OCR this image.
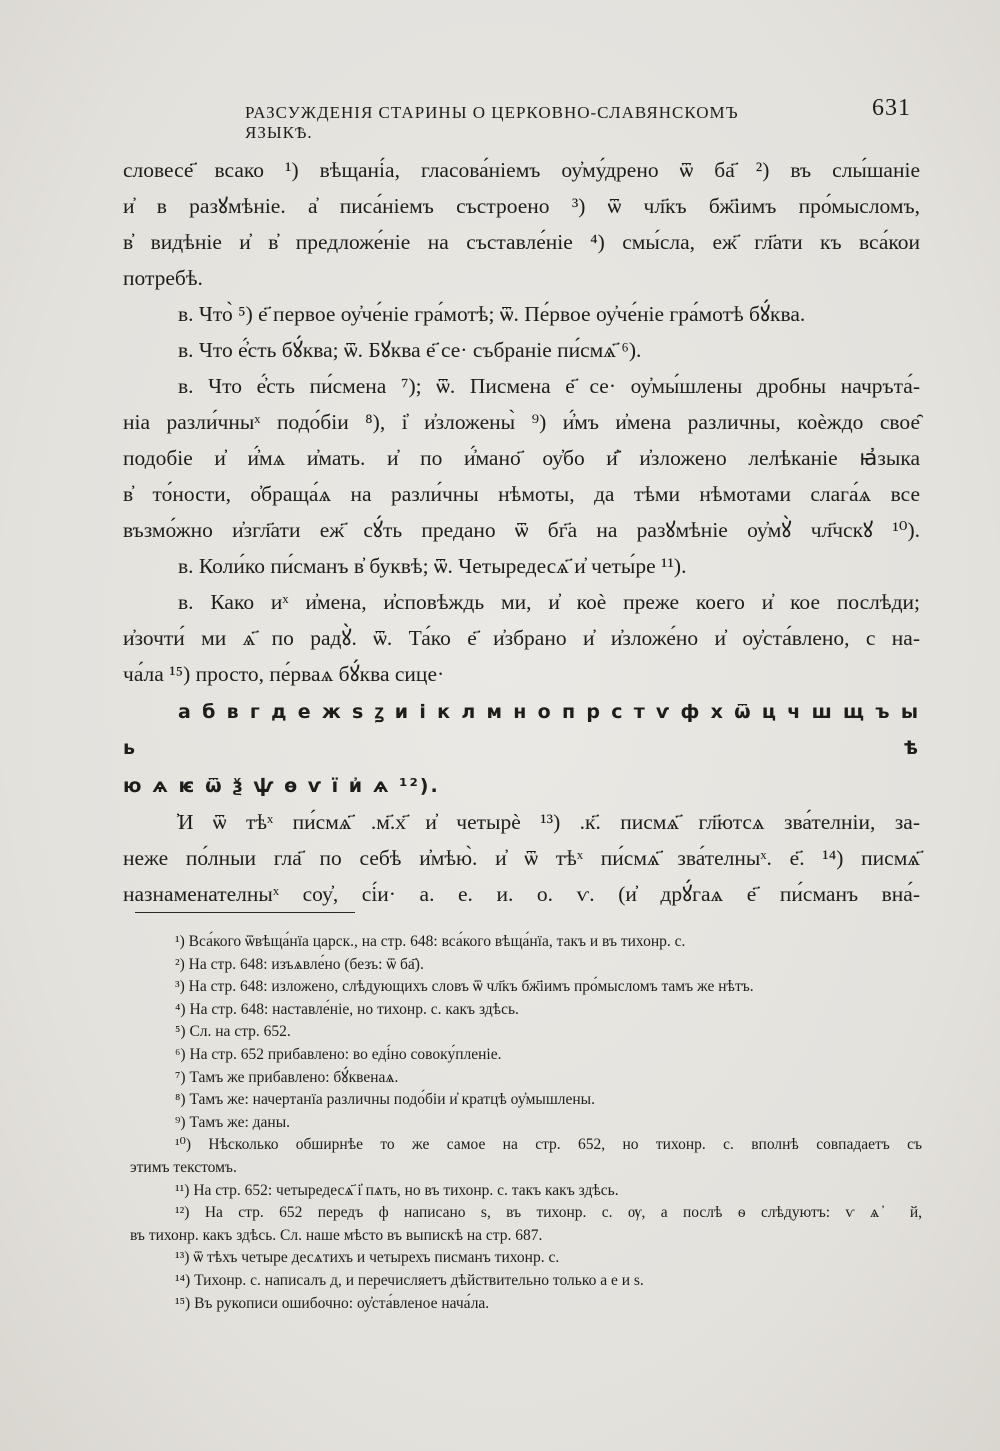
РАЗСУЖДЕНІЯ СТАРИНЫ О ЦЕРКОВНО-СЛАВЯНСКОМЪ ЯЗЫКѢ.
631

словесе҃ всако ¹) вѣщані́а, гласова́ніемъ оу҆му́дрено ѿ ба҃ ²) въ слы́шаніе

и҆ в разꙋмѣніе. а҆ писа́ніемъ състроено ³) ѿ чл҃къ бж҃іимъ про́мысломъ,

в҆ видѣніе и҆ в҆ предложе́ніе на съставле́ніе ⁴) смы́сла, еж҃ гл҃ати къ вса́кои

потребѣ.

в. Что̀ ⁵) е҃ первое оу҆че́ніе гра́мотѣ; ѿ. Пе́рвое оу҆че́ніе гра́мотѣ бꙋ́ква.

в. Что е҆́сть бꙋ́ква; ѿ. Бꙋква е҃ се· събраніе пи́смѧ҃ ⁶).

в. Что е҆́сть пи́смена ⁷); ѿ. Писмена е҃ се· оу҆мы́шлены дробны начръта́-

ніа разли́чныˣ подо́біи ⁸), і҆ и҆зложены̀ ⁹) и҆́мъ и҆мена различны, коѐждо свое̑

подобіе и҆ и҆́мѧ и҆мать. и҆ по и҆́мано҃ оу҆бо и҆҃ и҆зложено лелѣканіе ꙗ҆зыка

в҆ то́ности, о҆браща́ѧ на разли́чны нѣмоты, да тѣми нѣмотами слага́ѧ все

възмо́жно и҆згл҃ати еж҃ сꙋ́ть предано ѿ бг҃а на разꙋмѣніе оу҆мꙋ̀ чл҃чскꙋ ¹⁰).

в. Коли́ко пи́сманъ в҆ буквѣ; ѿ. Четыредесѧ҃ и҆ четы́ре ¹¹).

в. Како иˣ и҆мена, и҆сповѣждь ми, и҆ коѐ преже коего и҆ кое послѣди;

и҆зочти́ ми ѧ҃ по радꙋ̀. ѿ. Та́ко е҃ и҆збрано и҆ и҆зложе́но и҆ оу҆ста́влено, с на-

ча́ла ¹⁵) просто, пе́рваѧ бꙋ́ква сице·

а б в г д е ж ѕ ꙁ и і к л м н о п р с т ѵ ф х ѿ ц ч ш щ ъ ы ь ѣ

ю ѧ ѥ ѿ ѯ ѱ ѳ ѵ ї и҆ ѧ ¹²).

҆И ѿ тѣˣ пи́смѧ҃ .м҃.х҃ и҆ четырѐ ¹³) .к҃. писмѧ҃ гл҃ютсѧ зва́телніи, за-

неже по́лныи гла҃ по себѣ и҆мѣю̀. и҆ ѿ тѣˣ пи́смѧ҃ зва́телныˣ. е҃. ¹⁴) писмѧ҃

назнаменателныˣ соу҆, сі́и· а. е. и. о. ѵ. (и҆ дрꙋ́гаѧ е҃ пи́сманъ вна́-

¹) Вса́кого ѿвѣща́нїа царск., на стр. 648: вса́кого вѣща́нїа, такъ и въ тихонр. с.

²) На стр. 648: изъѧвле́но (безъ: ѿ ба҃).

³) На стр. 648: изложено, слѣдующихъ словъ ѿ чл҃къ бж҃іимъ про́мысломъ тамъ же нѣтъ.

⁴) На стр. 648: наставле́ніе, но тихонр. с. какъ здѣсь.

⁵) Сл. на стр. 652.

⁶) На стр. 652 прибавлено: во еді́но совоку́пленіе.

⁷) Тамъ же прибавлено: бꙋ́квенаѧ.

⁸) Тамъ же: начертанїа различны подо́біи и҆ кратцѣ оу҆мышлены.

⁹) Тамъ же: даны.

¹⁰) Нѣсколько обширнѣе то же самое на стр. 652, но тихонр. с. вполнѣ совпадаетъ съ

этимъ текстомъ.

¹¹) На стр. 652: четыредесѧ҃ і҆ пѧть, но въ тихонр. с. такъ какъ здѣсь.

¹²) На стр. 652 передъ ф написано ѕ, въ тихонр. с. ѹ, а послѣ ѳ слѣдуютъ: ѵ ѧ ҆ й,

въ тихонр. какъ здѣсь. Сл. наше мѣсто въ выпискѣ на стр. 687.

¹³) ѿ тѣхъ четыре десѧтихъ и четырехъ писманъ тихонр. с.

¹⁴) Тихонр. с. написалъ д, и перечисляетъ дѣйствительно только а е и ѕ.

¹⁵) Въ рукописи ошибочно: оу҆ста́вленое нача́ла.
